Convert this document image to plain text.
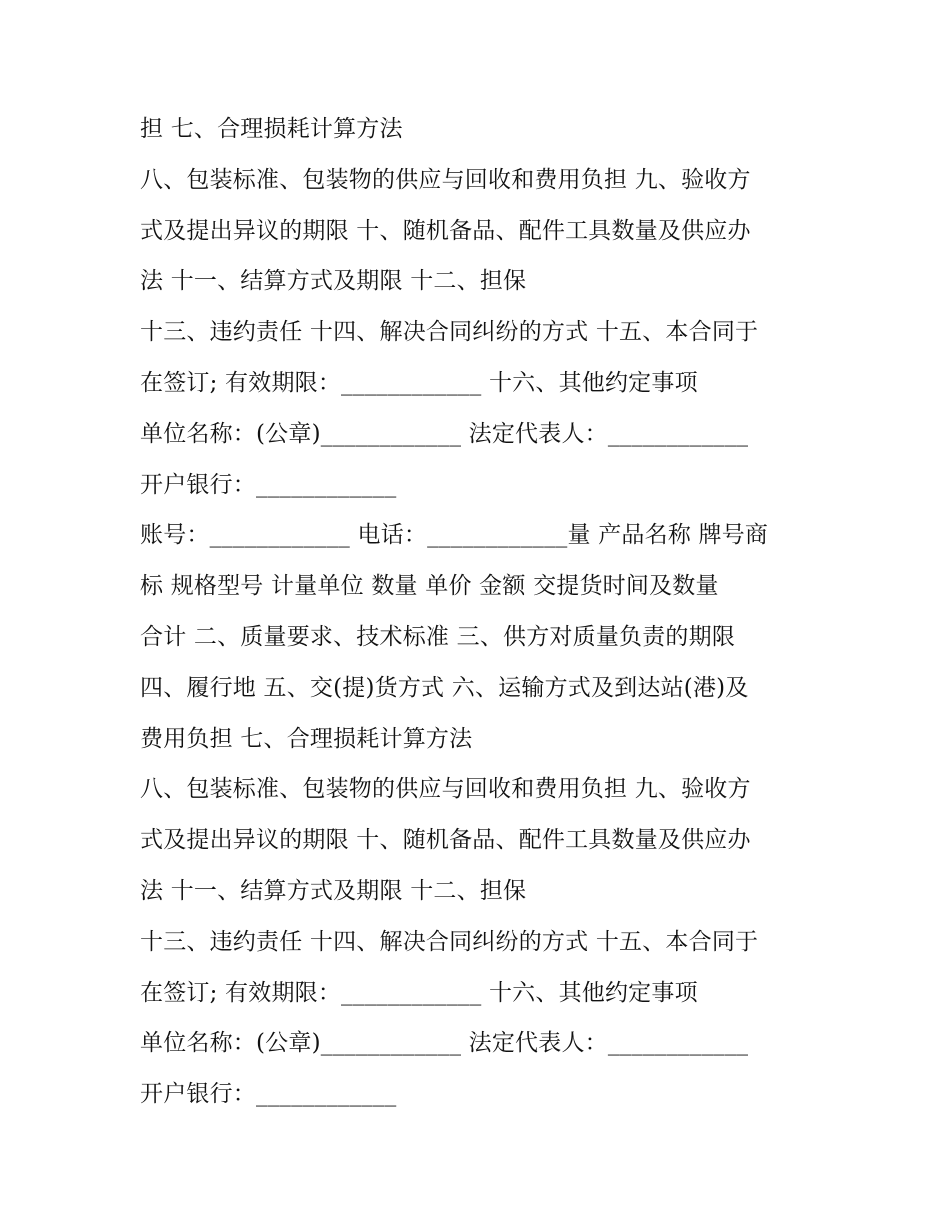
担 七、合理损耗计算方法
八、包装标准、包装物的供应与回收和费用负担 九、验收方
式及提出异议的期限 十、随机备品、配件工具数量及供应办
法 十一、结算方式及期限 十二、担保
十三、违约责任 十四、解决合同纠纷的方式 十五、本合同于
在签订; 有效期限：____________ 十六、其他约定事项
单位名称：(公章)____________ 法定代表人：____________
开户银行：____________
账号：____________ 电话：____________量 产品名称 牌号商
标 规格型号 计量单位 数量 单价 金额 交提货时间及数量
合计 二、质量要求、技术标准 三、供方对质量负责的期限
四、履行地 五、交(提)货方式 六、运输方式及到达站(港)及
费用负担 七、合理损耗计算方法
八、包装标准、包装物的供应与回收和费用负担 九、验收方
式及提出异议的期限 十、随机备品、配件工具数量及供应办
法 十一、结算方式及期限 十二、担保
十三、违约责任 十四、解决合同纠纷的方式 十五、本合同于
在签订; 有效期限：____________ 十六、其他约定事项
单位名称：(公章)____________ 法定代表人：____________
开户银行：____________
